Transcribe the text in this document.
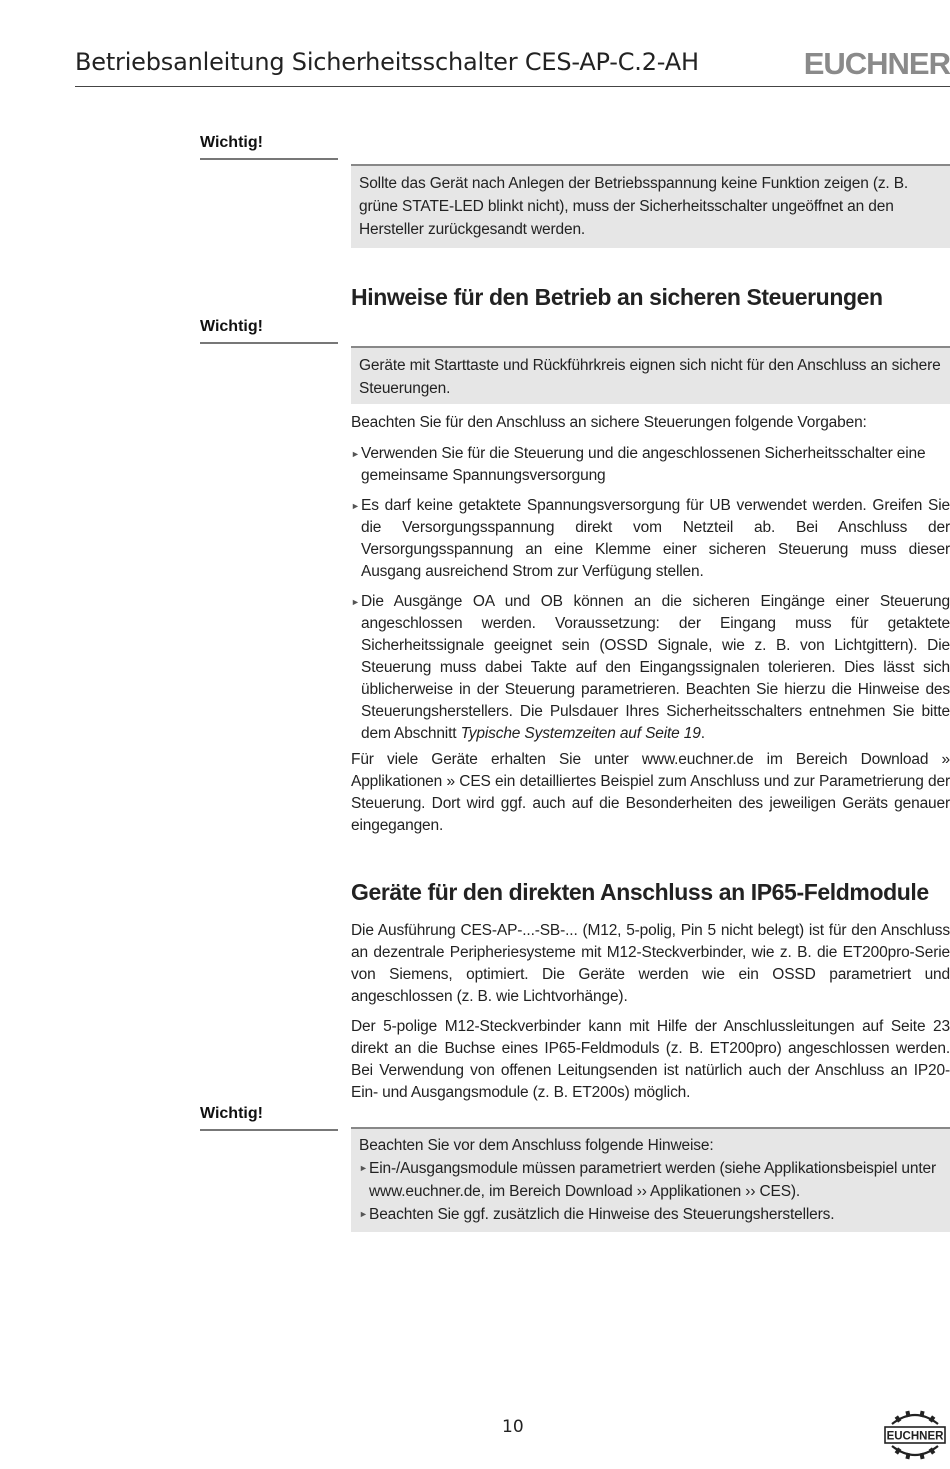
Betriebsanleitung Sicherheitsschalter CES-AP-C.2-AH	EUCHNER
Wichtig!
Sollte das Gerät nach Anlegen der Betriebsspannung keine Funktion zeigen (z. B. grüne STATE-LED blinkt nicht), muss der Sicherheitsschalter ungeöffnet an den Hersteller zurückgesandt werden.
Hinweise für den Betrieb an sicheren Steuerungen
Wichtig!
Geräte mit Starttaste und Rückführkreis eignen sich nicht für den Anschluss an sichere Steuerungen.
Beachten Sie für den Anschluss an sichere Steuerungen folgende Vorgaben:
► Verwenden Sie für die Steuerung und die angeschlossenen Sicherheitsschalter eine gemeinsame Spannungsversorgung
► Es darf keine getaktete Spannungsversorgung für UB verwendet werden. Greifen Sie die Versorgungsspannung direkt vom Netzteil ab. Bei Anschluss der Versorgungsspannung an eine Klemme einer sicheren Steuerung muss dieser Ausgang ausreichend Strom zur Verfügung stellen.
► Die Ausgänge OA und OB können an die sicheren Eingänge einer Steuerung angeschlossen werden. Voraussetzung: der Eingang muss für getaktete Sicherheitssignale geeignet sein (OSSD Signale, wie z. B. von Lichtgittern). Die Steuerung muss dabei Takte auf den Eingangssignalen tolerieren. Dies lässt sich üblicherweise in der Steuerung parametrieren. Beachten Sie hierzu die Hinweise des Steuerungsherstellers. Die Pulsdauer Ihres Sicherheitsschalters entnehmen Sie bitte dem Abschnitt Typische Systemzeiten auf Seite 19.
Für viele Geräte erhalten Sie unter www.euchner.de im Bereich Download » Applikationen » CES ein detailliertes Beispiel zum Anschluss und zur Parametrierung der Steuerung. Dort wird ggf. auch auf die Besonderheiten des jeweiligen Geräts genauer eingegangen.
Geräte für den direkten Anschluss an IP65-Feldmodule
Die Ausführung CES-AP-...-SB-... (M12, 5-polig, Pin 5 nicht belegt) ist für den Anschluss an dezentrale Peripheriesysteme mit M12-Steckverbinder, wie z. B. die ET200pro-Serie von Siemens, optimiert. Die Geräte werden wie ein OSSD parametriert und angeschlossen (z. B. wie Lichtvorhänge).
Der 5-polige M12-Steckverbinder kann mit Hilfe der Anschlussleitungen auf Seite 23 direkt an die Buchse eines IP65-Feldmoduls (z. B. ET200pro) angeschlossen werden. Bei Verwendung von offenen Leitungsenden ist natürlich auch der Anschluss an IP20-Ein- und Ausgangsmodule (z. B. ET200s) möglich.
Wichtig!
Beachten Sie vor dem Anschluss folgende Hinweise:
► Ein-/Ausgangsmodule müssen parametriert werden (siehe Applikationsbeispiel unter www.euchner.de, im Bereich Download ›› Applikationen ›› CES).
► Beachten Sie ggf. zusätzlich die Hinweise des Steuerungsherstellers.
10	EUCHNER
